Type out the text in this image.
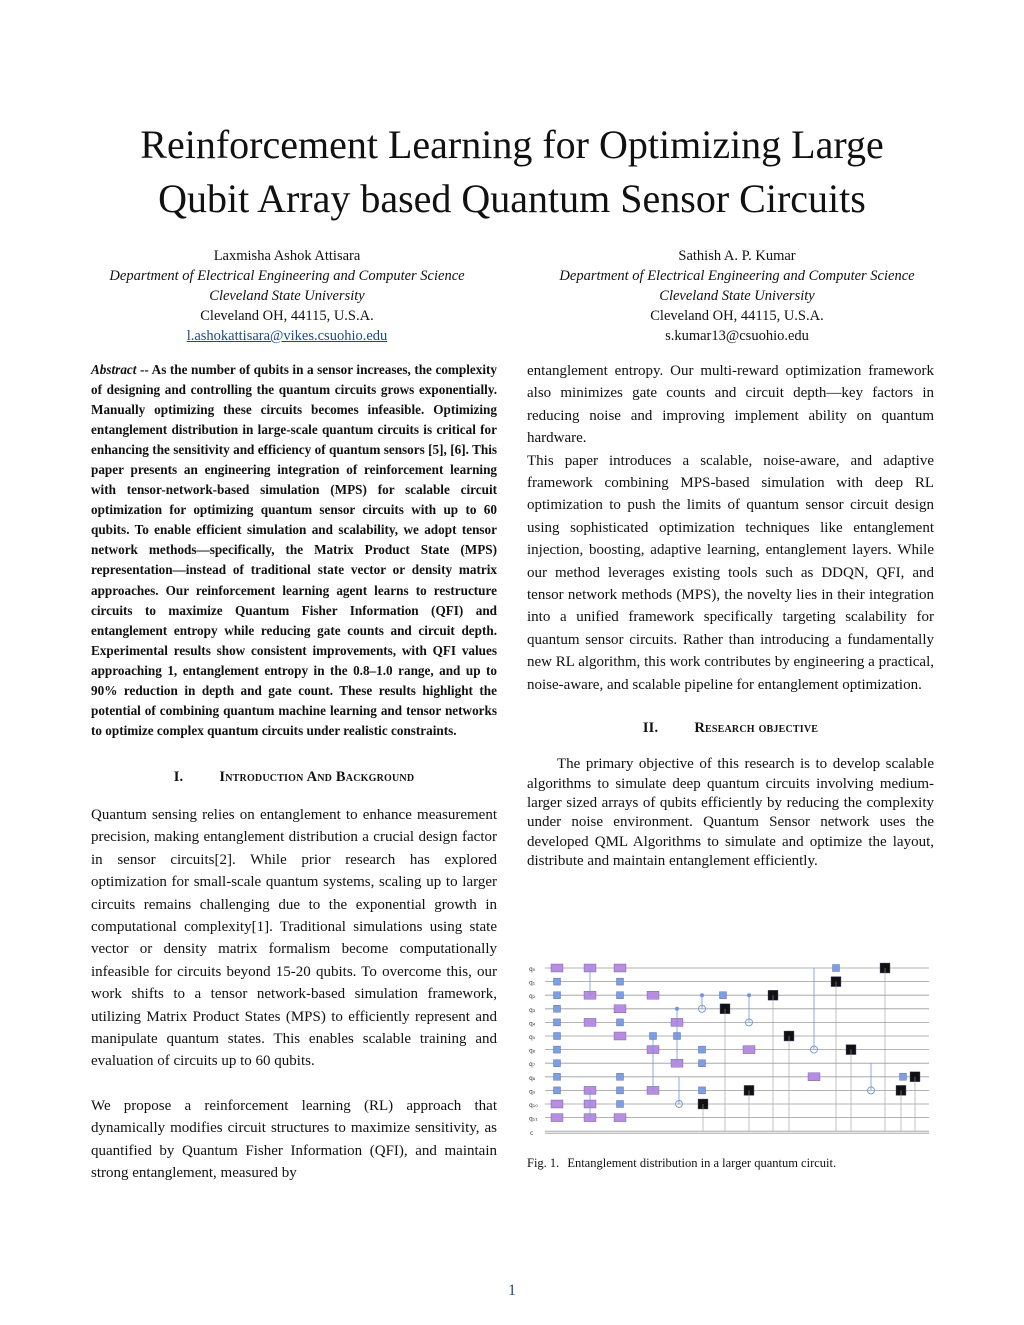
Reinforcement Learning for Optimizing Large
Qubit Array based Quantum Sensor Circuits
Laxmisha Ashok Attisara
Department of Electrical Engineering and Computer Science
Cleveland State University
Cleveland OH, 44115, U.S.A.
l.ashokattisara@vikes.csuohio.edu
Sathish A. P. Kumar
Department of Electrical Engineering and Computer Science
Cleveland State University
Cleveland OH, 44115, U.S.A.
s.kumar13@csuohio.edu

Abstract -- As the number of qubits in a sensor increases, the complexity of designing and controlling the quantum circuits grows exponentially. Manually optimizing these circuits becomes infeasible. Optimizing entanglement distribution in large-scale quantum circuits is critical for enhancing the sensitivity and efficiency of quantum sensors [5], [6]. This paper presents an engineering integration of reinforcement learning with tensor-network-based simulation (MPS) for scalable circuit optimization for optimizing quantum sensor circuits with up to 60 qubits. To enable efficient simulation and scalability, we adopt tensor network methods—specifically, the Matrix Product State (MPS) representation—instead of traditional state vector or density matrix approaches. Our reinforcement learning agent learns to restructure circuits to maximize Quantum Fisher Information (QFI) and entanglement entropy while reducing gate counts and circuit depth. Experimental results show consistent improvements, with QFI values approaching 1, entanglement entropy in the 0.8–1.0 range, and up to 90% reduction in depth and gate count. These results highlight the potential of combining quantum machine learning and tensor networks to optimize complex quantum circuits under realistic constraints.

I. Introduction And Background

Quantum sensing relies on entanglement to enhance measurement precision, making entanglement distribution a crucial design factor in sensor circuits[2]. While prior research has explored optimization for small-scale quantum systems, scaling up to larger circuits remains challenging due to the exponential growth in computational complexity[1]. Traditional simulations using state vector or density matrix formalism become computationally infeasible for circuits beyond 15-20 qubits. To overcome this, our work shifts to a tensor network-based simulation framework, utilizing Matrix Product States (MPS) to efficiently represent and manipulate quantum states. This enables scalable training and evaluation of circuits up to 60 qubits.

We propose a reinforcement learning (RL) approach that dynamically modifies circuit structures to maximize sensitivity, as quantified by Quantum Fisher Information (QFI), and maintain strong entanglement, measured by

entanglement entropy. Our multi-reward optimization framework also minimizes gate counts and circuit depth—key factors in reducing noise and improving implement ability on quantum hardware.

This paper introduces a scalable, noise-aware, and adaptive framework combining MPS-based simulation with deep RL optimization to push the limits of quantum sensor circuit design using sophisticated optimization techniques like entanglement injection, boosting, adaptive learning, entanglement layers. While our method leverages existing tools such as DDQN, QFI, and tensor network methods (MPS), the novelty lies in their integration into a unified framework specifically targeting scalability for quantum sensor circuits. Rather than introducing a fundamentally new RL algorithm, this work contributes by engineering a practical, noise-aware, and scalable pipeline for entanglement optimization.

II. Research objective

The primary objective of this research is to develop scalable algorithms to simulate deep quantum circuits involving medium-larger sized arrays of qubits efficiently by reducing the complexity under noise environment. Quantum Sensor network uses the developed QML Algorithms to simulate and optimize the layout, distribute and maintain entanglement efficiently.

q₀
q₁
q₂
q₃
q₄
q₅
q₆
q₇
q₈
q₉
q₁₀
q₁₁
c
Fig. 1. Entanglement distribution in a larger quantum circuit.
1
